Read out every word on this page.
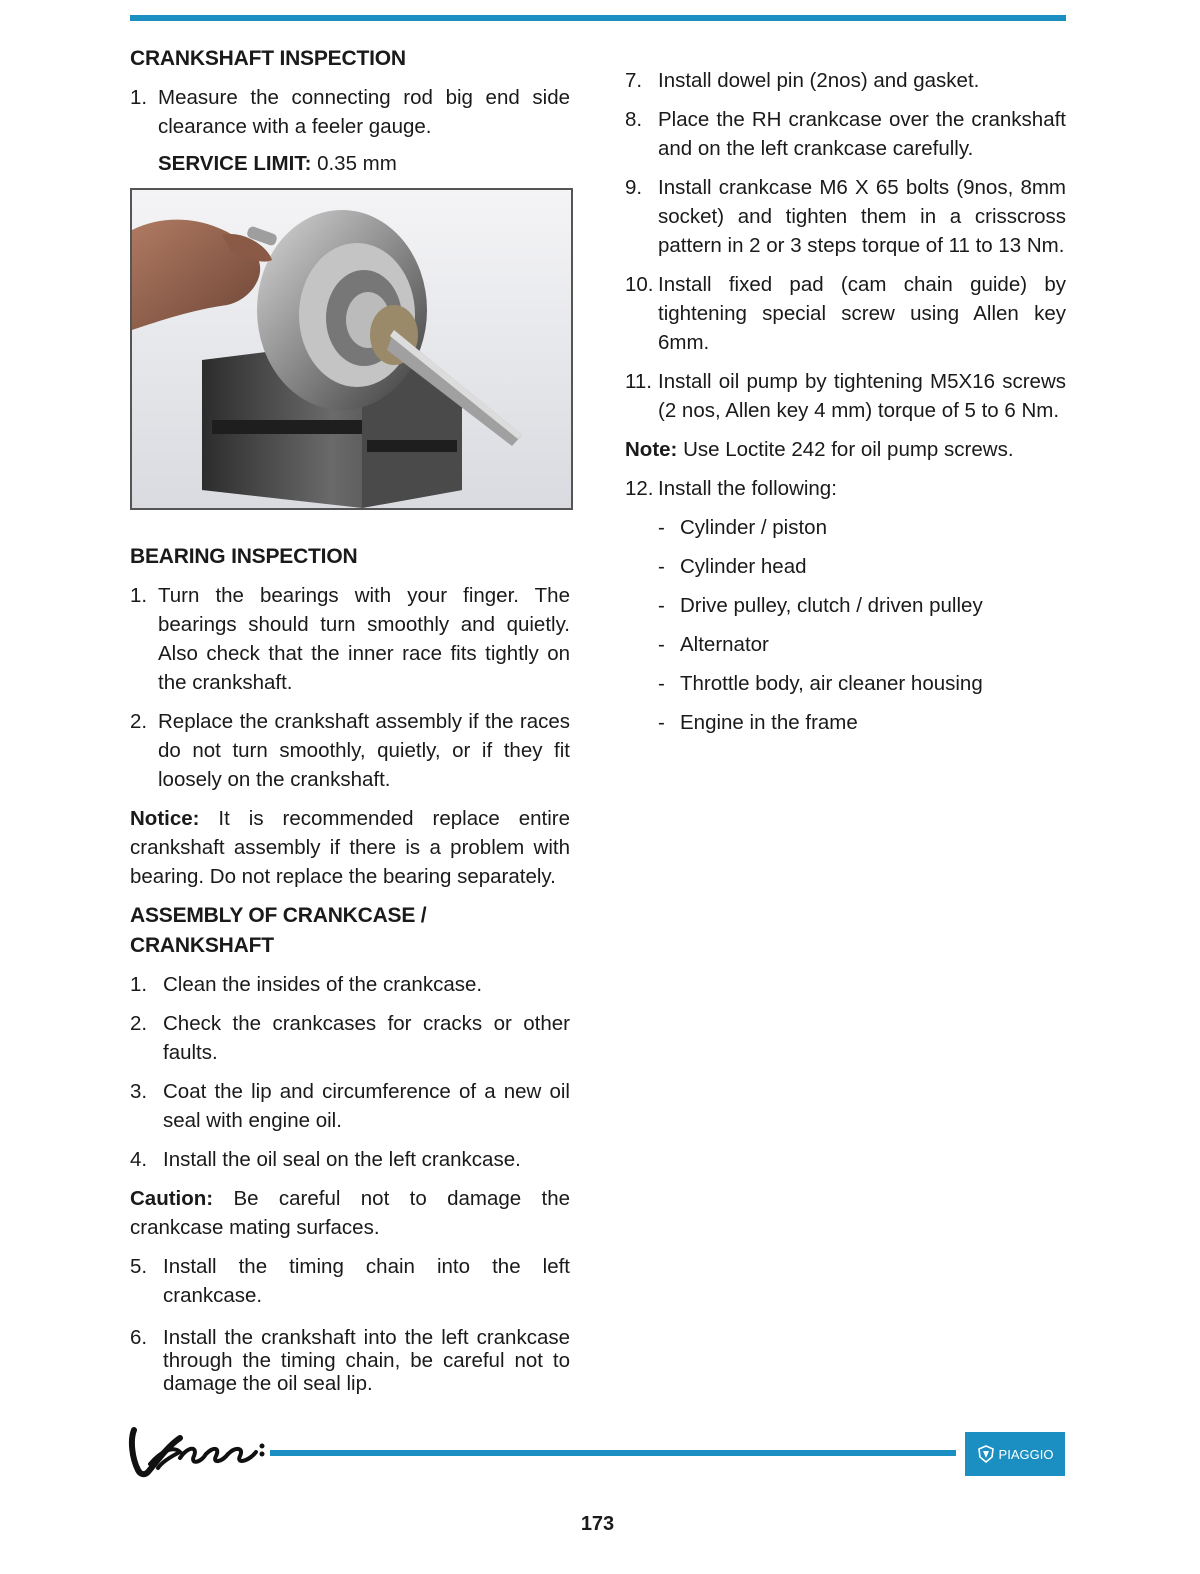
CRANKSHAFT INSPECTION
1. Measure the connecting rod big end side clearance with a feeler gauge.
SERVICE LIMIT: 0.35 mm
BEARING INSPECTION
1. Turn the bearings with your finger. The bearings should turn smoothly and quietly. Also check that the inner race fits tightly on the crankshaft.
2. Replace the crankshaft assembly if the races do not turn smoothly, quietly, or if they fit loosely on the crankshaft.

Notice: It is recommended replace entire crankshaft assembly if there is a problem with bearing. Do not replace the bearing separately.

ASSEMBLY OF CRANKCASE /
CRANKSHAFT
1. Clean the insides of the crankcase.
2. Check the crankcases for cracks or other faults.
3. Coat the lip and circumference of a new oil seal with engine oil.
4. Install the oil seal on the left crankcase.

Caution: Be careful not to damage the crankcase mating surfaces.

5. Install the timing chain into the left crankcase.
6. Install the crankshaft into the left crankcase through the timing chain, be careful not to damage the oil seal lip.
7. Install dowel pin (2nos) and gasket.
8. Place the RH crankcase over the crankshaft and on the left crankcase carefully.
9. Install crankcase M6 X 65 bolts (9nos, 8mm socket) and tighten them in a crisscross pattern in 2 or 3 steps torque of 11 to 13 Nm.
10. Install fixed pad (cam chain guide) by tightening special screw using Allen key 6mm.
11. Install oil pump by tightening M5X16 screws (2 nos, Allen key 4 mm) torque of 5 to 6 Nm.

Note: Use Loctite 242 for oil pump screws.

12. Install the following:
- Cylinder / piston
- Cylinder head
- Drive pulley, clutch / driven pulley
- Alternator
- Throttle body, air cleaner housing
- Engine in the frame
PIAGGIO
173
